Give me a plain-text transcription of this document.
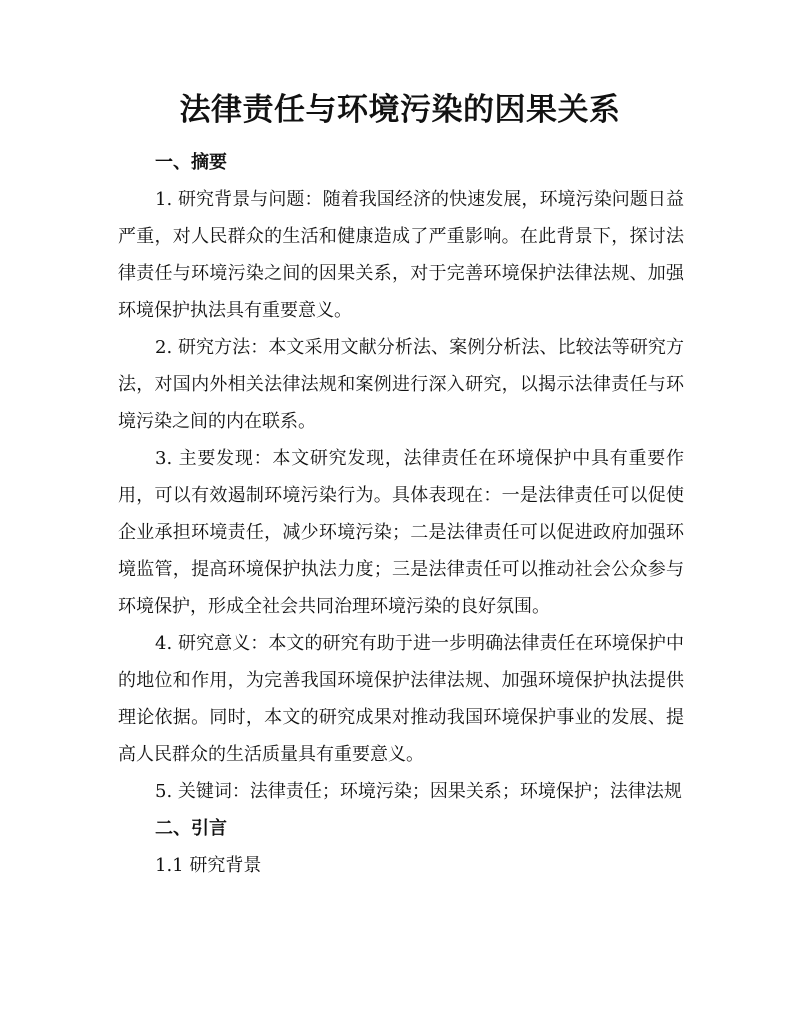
法律责任与环境污染的因果关系
一、摘要

1. 研究背景与问题：随着我国经济的快速发展，环境污染问题日益严重，对人民群众的生活和健康造成了严重影响。在此背景下，探讨法律责任与环境污染之间的因果关系，对于完善环境保护法律法规、加强环境保护执法具有重要意义。

2. 研究方法：本文采用文献分析法、案例分析法、比较法等研究方法，对国内外相关法律法规和案例进行深入研究，以揭示法律责任与环境污染之间的内在联系。

3. 主要发现：本文研究发现，法律责任在环境保护中具有重要作用，可以有效遏制环境污染行为。具体表现在：一是法律责任可以促使企业承担环境责任，减少环境污染；二是法律责任可以促进政府加强环境监管，提高环境保护执法力度；三是法律责任可以推动社会公众参与环境保护，形成全社会共同治理环境污染的良好氛围。

4. 研究意义：本文的研究有助于进一步明确法律责任在环境保护中的地位和作用，为完善我国环境保护法律法规、加强环境保护执法提供理论依据。同时，本文的研究成果对推动我国环境保护事业的发展、提高人民群众的生活质量具有重要意义。

5. 关键词：法律责任；环境污染；因果关系；环境保护；法律法规

二、引言
1.1 研究背景
